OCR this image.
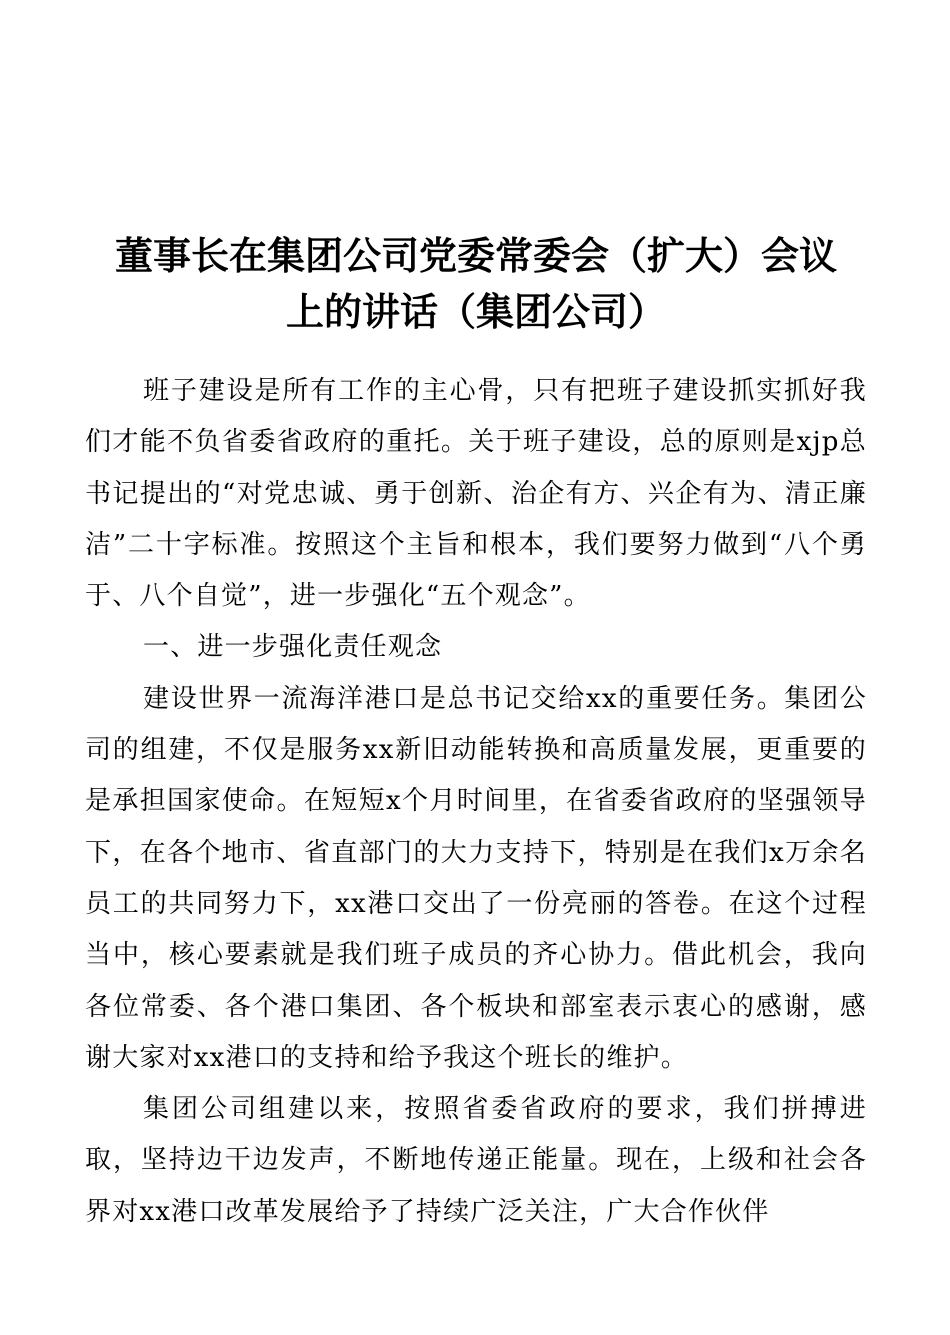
董事长在集团公司党委常委会（扩大）会议
上的讲话（集团公司）

班子建设是所有工作的主心骨，只有把班子建设抓实抓好我们才能不负省委省政府的重托。关于班子建设，总的原则是xjp总书记提出的“对党忠诚、勇于创新、治企有方、兴企有为、清正廉洁”二十字标准。按照这个主旨和根本，我们要努力做到“八个勇于、八个自觉”，进一步强化“五个观念”。

一、进一步强化责任观念

建设世界一流海洋港口是总书记交给xx的重要任务。集团公司的组建，不仅是服务xx新旧动能转换和高质量发展，更重要的是承担国家使命。在短短x个月时间里，在省委省政府的坚强领导下，在各个地市、省直部门的大力支持下，特别是在我们x万余名员工的共同努力下，xx港口交出了一份亮丽的答卷。在这个过程当中，核心要素就是我们班子成员的齐心协力。借此机会，我向各位常委、各个港口集团、各个板块和部室表示衷心的感谢，感谢大家对xx港口的支持和给予我这个班长的维护。

集团公司组建以来，按照省委省政府的要求，我们拼搏进取，坚持边干边发声，不断地传递正能量。现在，上级和社会各界对xx港口改革发展给予了持续广泛关注，广大合作伙伴
